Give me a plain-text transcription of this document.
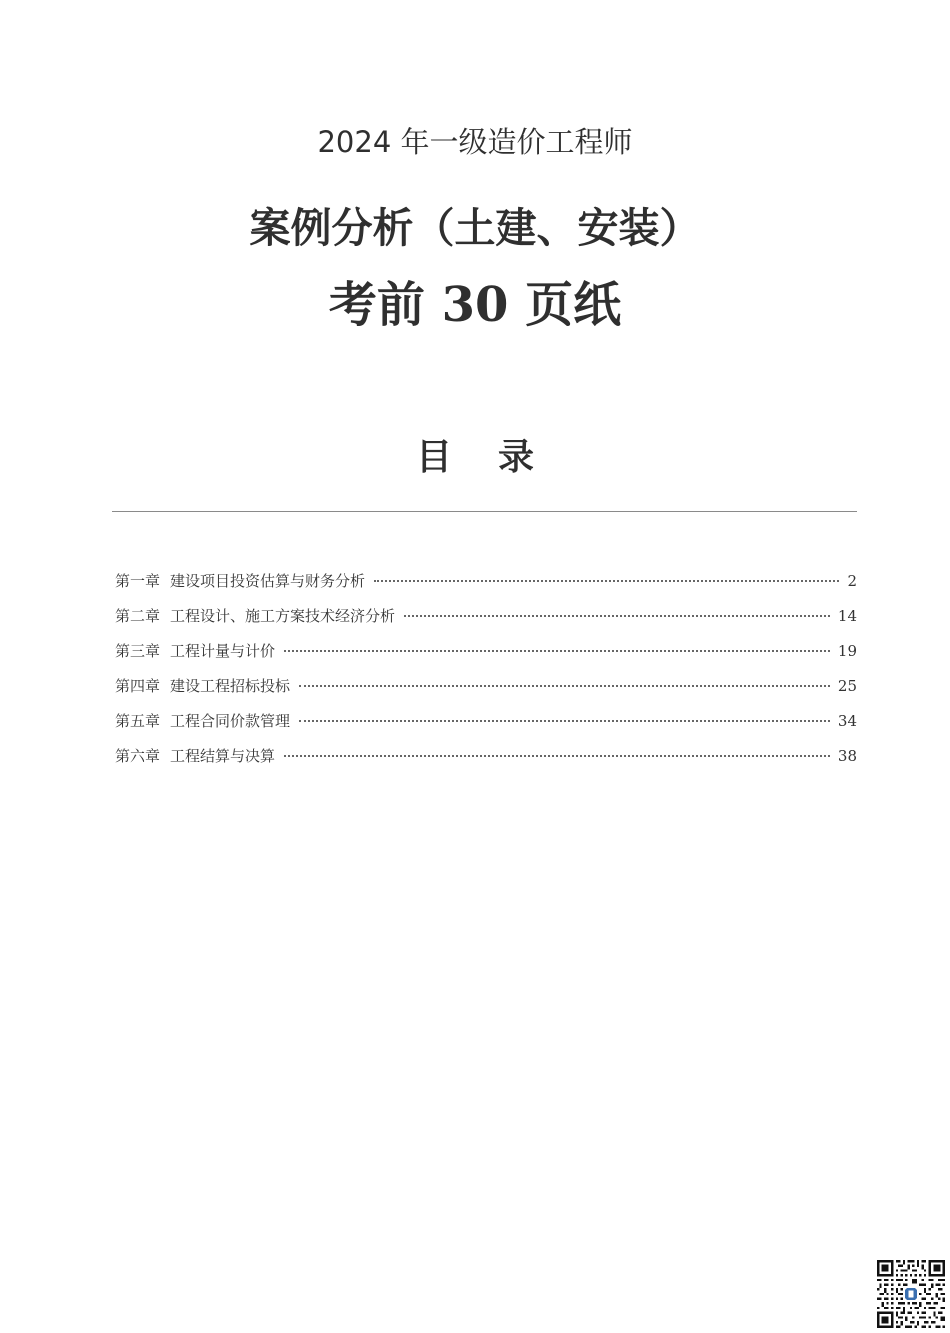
2024 年一级造价工程师
案例分析（土建、安装）
考前 30 页纸
目录
第一章 建设项目投资估算与财务分析	2
第二章 工程设计、施工方案技术经济分析	14
第三章 工程计量与计价	19
第四章 建设工程招标投标	25
第五章 工程合同价款管理	34
第六章 工程结算与决算	38
